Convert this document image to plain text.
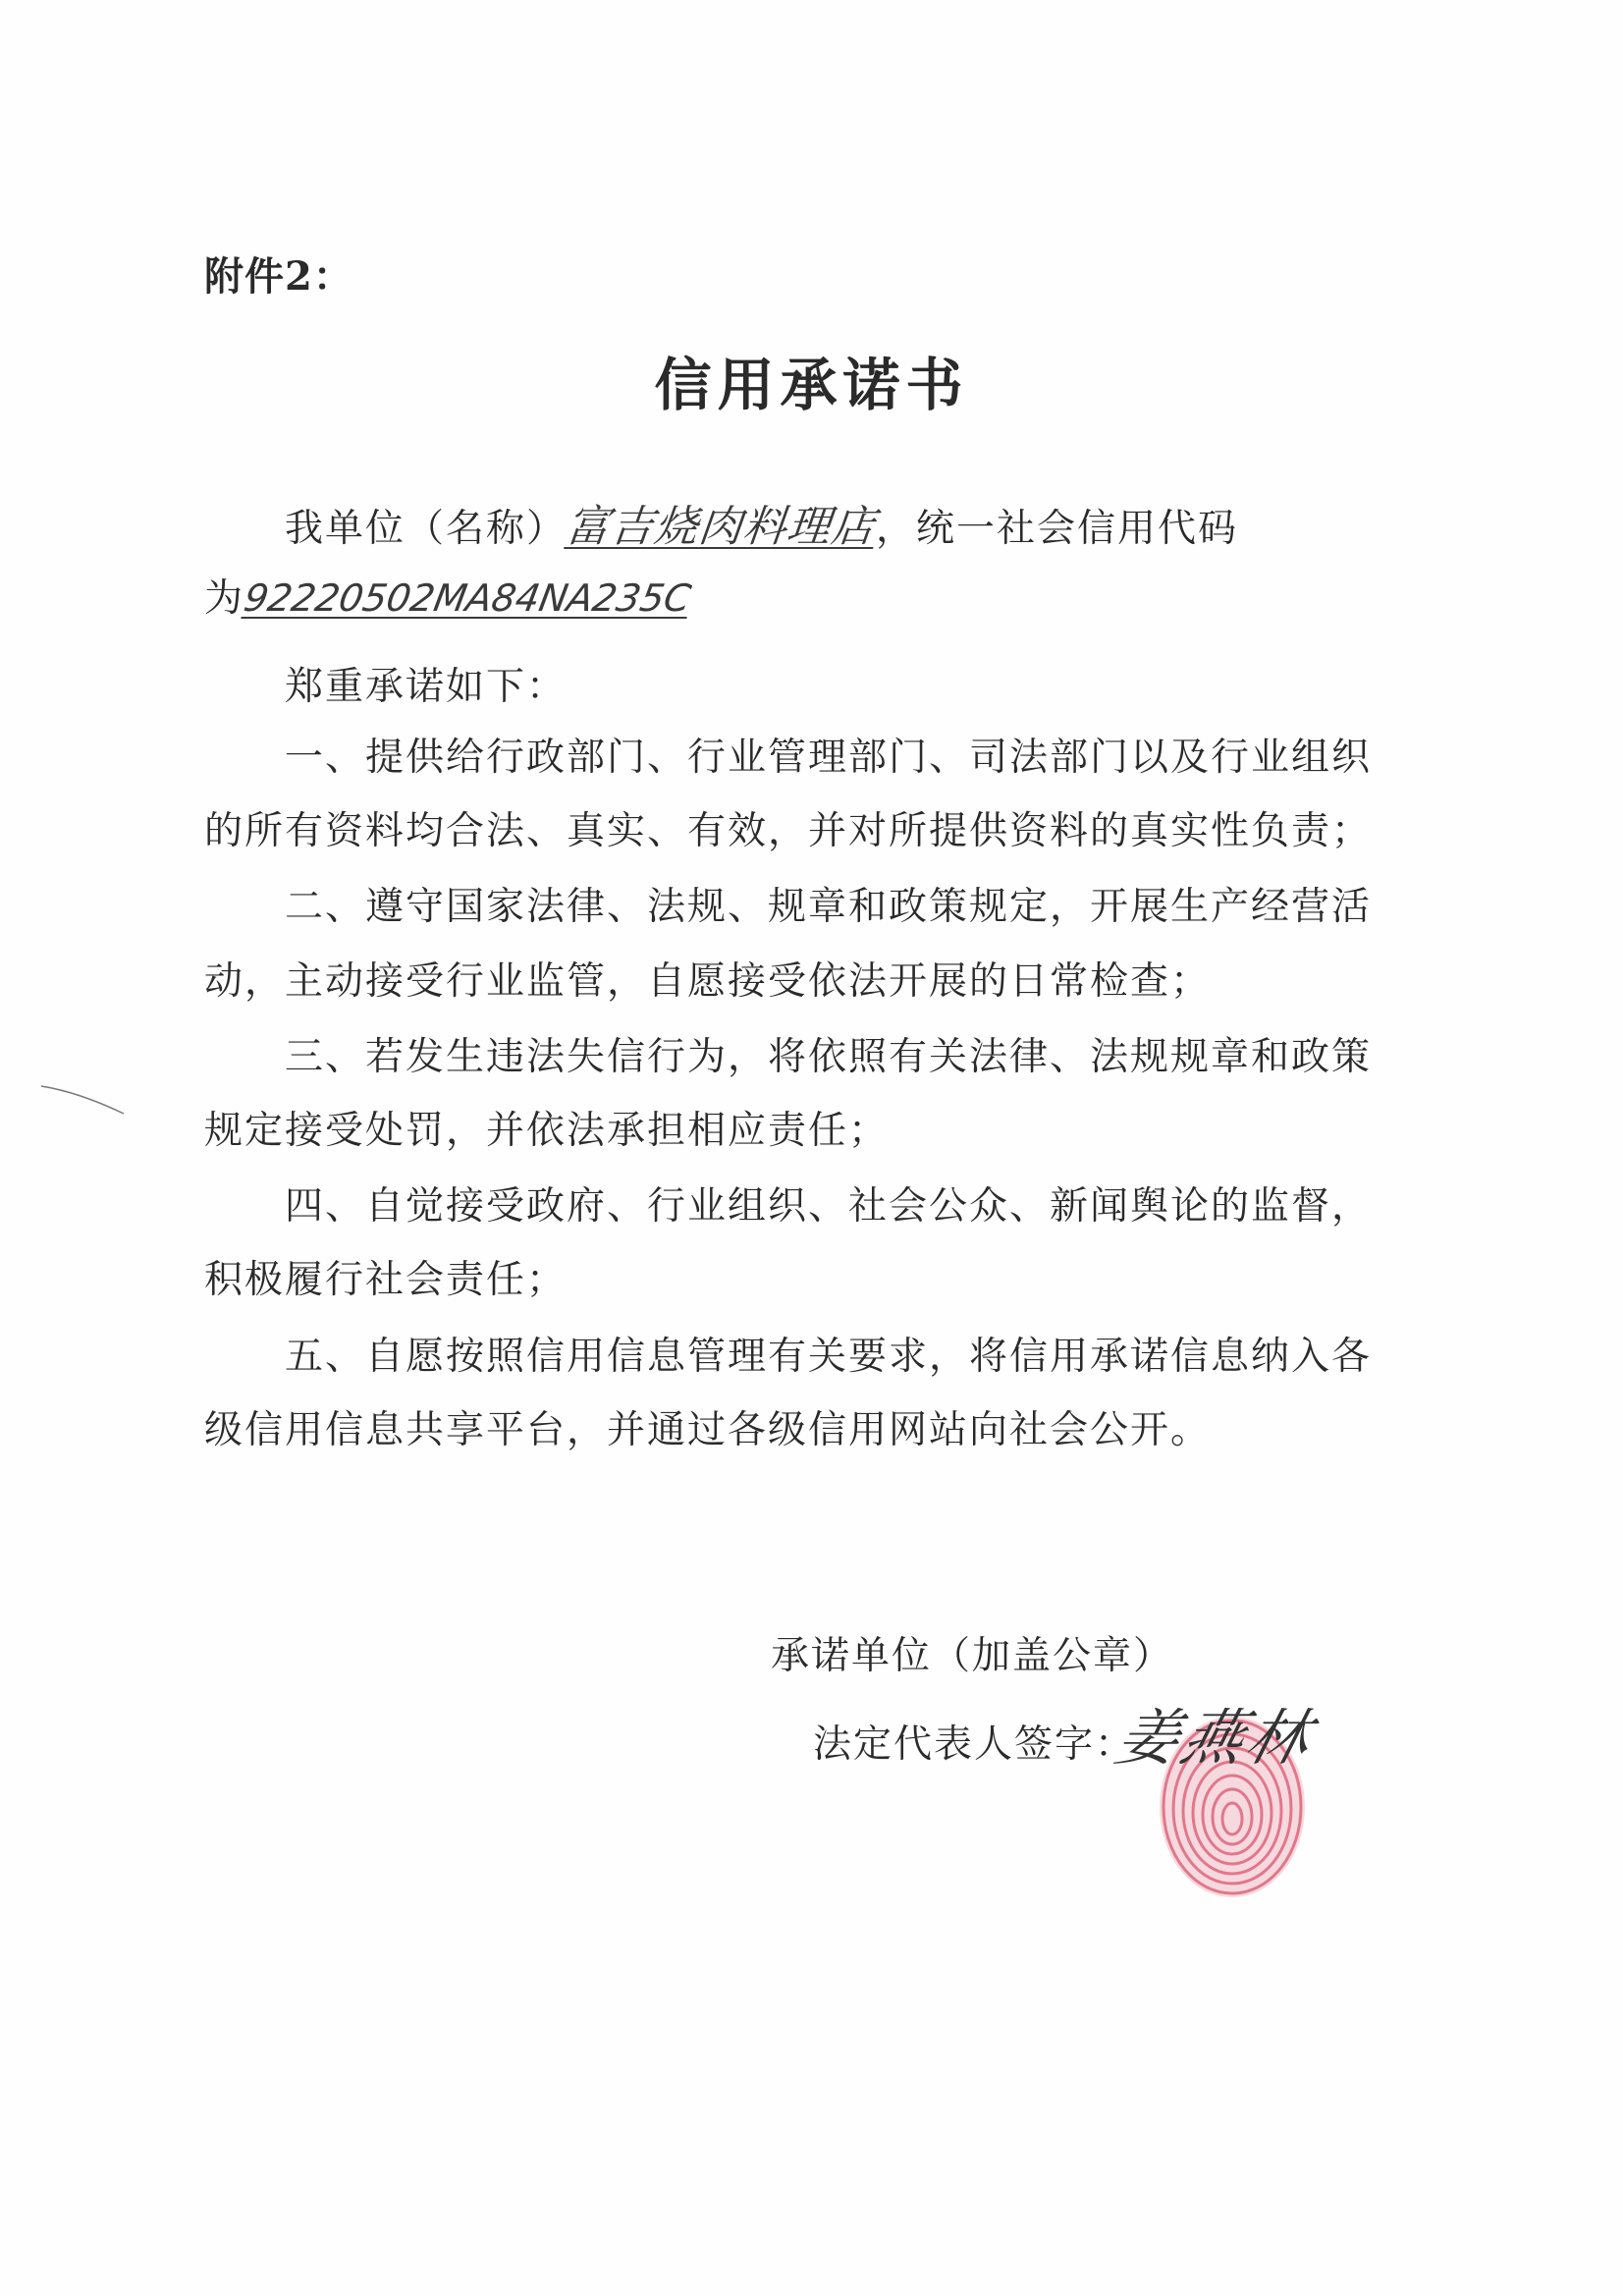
附件2：
信用承诺书
我单位（名称）富吉烧肉料理店，统一社会信用代码
为92220502MA84NA235C
郑重承诺如下：
一、提供给行政部门、行业管理部门、司法部门以及行业组织
的所有资料均合法、真实、有效，并对所提供资料的真实性负责；
二、遵守国家法律、法规、规章和政策规定，开展生产经营活
动，主动接受行业监管，自愿接受依法开展的日常检查；
三、若发生违法失信行为，将依照有关法律、法规规章和政策
规定接受处罚，并依法承担相应责任；
四、自觉接受政府、行业组织、社会公众、新闻舆论的监督，
积极履行社会责任；
五、自愿按照信用信息管理有关要求，将信用承诺信息纳入各
级信用信息共享平台，并通过各级信用网站向社会公开。
承诺单位（加盖公章）
法定代表人签字：
姜燕林
